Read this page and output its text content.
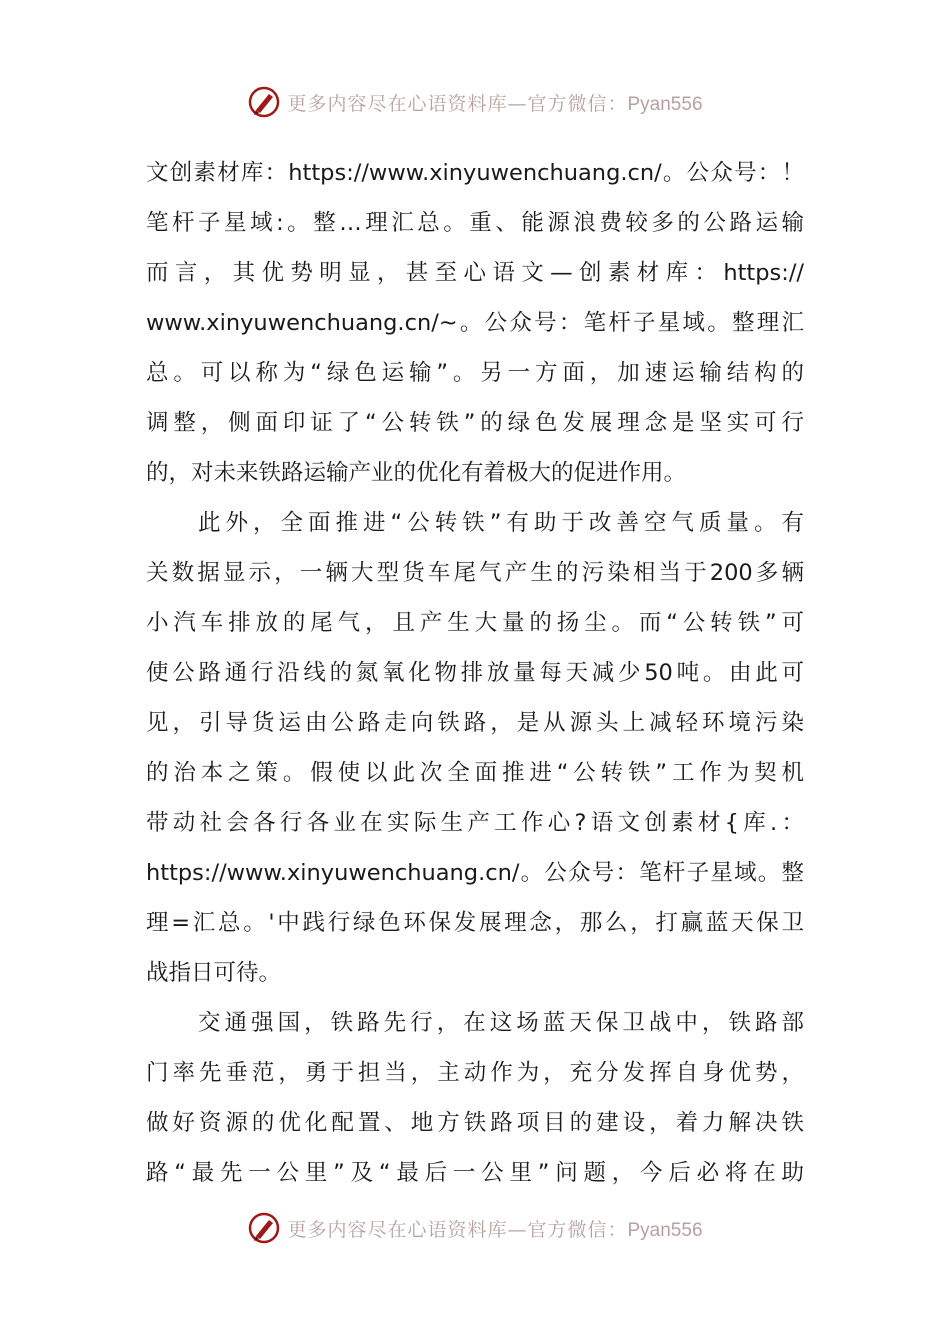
更多内容尽在心语资料库—官方微信：Pyan556
文创素材库：https://www.xinyuwenchuang.cn/。公众号：！
笔杆子星域:。整…理汇总。重、能源浪费较多的公路运输
而言，其优势明显，甚至心语文—创素材库：https://
www.xinyuwenchuang.cn/~。公众号：笔杆子星域。整理汇
总。可以称为“绿色运输”。另一方面，加速运输结构的
调整，侧面印证了“公转铁”的绿色发展理念是坚实可行
的，对未来铁路运输产业的优化有着极大的促进作用。
此外，全面推进“公转铁”有助于改善空气质量。有
关数据显示，一辆大型货车尾气产生的污染相当于200多辆
小汽车排放的尾气，且产生大量的扬尘。而“公转铁”可
使公路通行沿线的氮氧化物排放量每天减少50吨。由此可
见，引导货运由公路走向铁路，是从源头上减轻环境污染
的治本之策。假使以此次全面推进“公转铁”工作为契机
带动社会各行各业在实际生产工作心?语文创素材{库.：
https://www.xinyuwenchuang.cn/。公众号：笔杆子星域。整
理=汇总。'中践行绿色环保发展理念，那么，打赢蓝天保卫
战指日可待。
交通强国，铁路先行，在这场蓝天保卫战中，铁路部
门率先垂范，勇于担当，主动作为，充分发挥自身优势，
做好资源的优化配置、地方铁路项目的建设，着力解决铁
路“最先一公里”及“最后一公里”问题，今后必将在助
更多内容尽在心语资料库—官方微信：Pyan556
